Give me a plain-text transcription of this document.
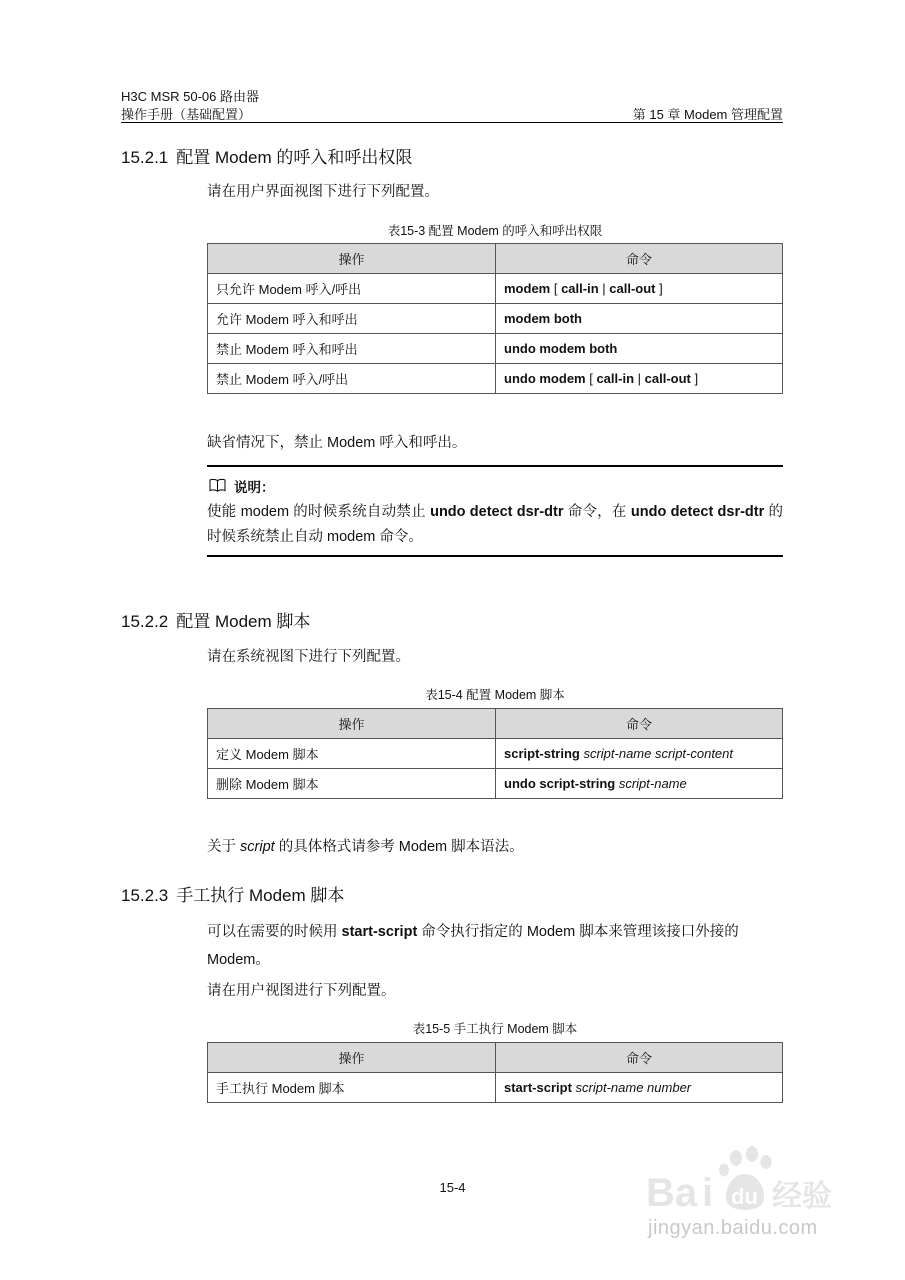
H3C MSR 50-06 路由器
操作手册（基础配置）	第 15 章 Modem 管理配置
15.2.1 配置 Modem 的呼入和呼出权限
请在用户界面视图下进行下列配置。
表15-3 配置 Modem 的呼入和呼出权限
操作	命令
只允许 Modem 呼入/呼出	modem [ call-in | call-out ]
允许 Modem 呼入和呼出	modem both
禁止 Modem 呼入和呼出	undo modem both
禁止 Modem 呼入/呼出	undo modem [ call-in | call-out ]
缺省情况下，禁止 Modem 呼入和呼出。
说明：
使能 modem 的时候系统自动禁止 undo detect dsr-dtr 命令，在 undo detect dsr-dtr 的时候系统禁止自动 modem 命令。
15.2.2 配置 Modem 脚本
请在系统视图下进行下列配置。
表15-4 配置 Modem 脚本
操作	命令
定义 Modem 脚本	script-string script-name script-content
删除 Modem 脚本	undo script-string script-name
关于 script 的具体格式请参考 Modem 脚本语法。
15.2.3 手工执行 Modem 脚本
可以在需要的时候用 start-script 命令执行指定的 Modem 脚本来管理该接口外接的
Modem。
请在用户视图进行下列配置。
表15-5 手工执行 Modem 脚本
操作	命令
手工执行 Modem 脚本	start-script script-name number
15-4	Ba i du 经验
jingyan.baidu.com
